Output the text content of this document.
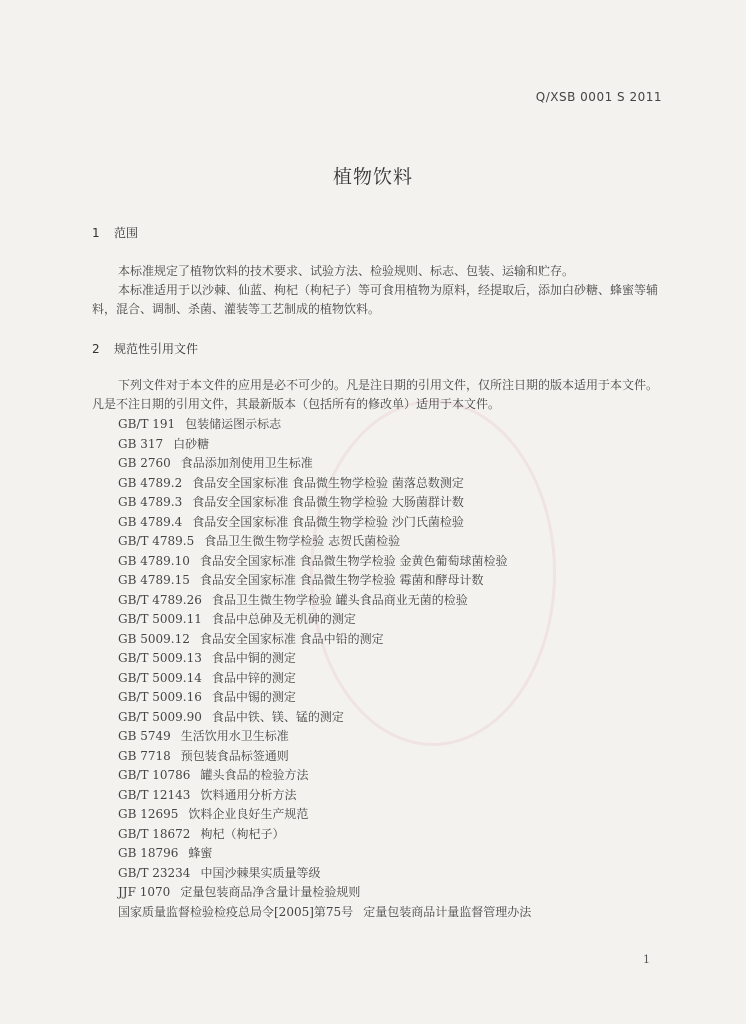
Q/XSB 0001 S 2011
植物饮料
1 范围
本标准规定了植物饮料的技术要求、试验方法、检验规则、标志、包装、运输和贮存。
本标准适用于以沙棘、仙蓝、枸杞（枸杞子）等可食用植物为原料，经提取后，添加白砂糖、蜂蜜等辅料，混合、调制、杀菌、灌装等工艺制成的植物饮料。
2 规范性引用文件
下列文件对于本文件的应用是必不可少的。凡是注日期的引用文件，仅所注日期的版本适用于本文件。凡是不注日期的引用文件，其最新版本（包括所有的修改单）适用于本文件。
GB/T 191 包装储运图示标志
GB 317 白砂糖
GB 2760 食品添加剂使用卫生标准
GB 4789.2 食品安全国家标准 食品微生物学检验 菌落总数测定
GB 4789.3 食品安全国家标准 食品微生物学检验 大肠菌群计数
GB 4789.4 食品安全国家标准 食品微生物学检验 沙门氏菌检验
GB/T 4789.5 食品卫生微生物学检验 志贺氏菌检验
GB 4789.10 食品安全国家标准 食品微生物学检验 金黄色葡萄球菌检验
GB 4789.15 食品安全国家标准 食品微生物学检验 霉菌和酵母计数
GB/T 4789.26 食品卫生微生物学检验 罐头食品商业无菌的检验
GB/T 5009.11 食品中总砷及无机砷的测定
GB 5009.12 食品安全国家标准 食品中铅的测定
GB/T 5009.13 食品中铜的测定
GB/T 5009.14 食品中锌的测定
GB/T 5009.16 食品中锡的测定
GB/T 5009.90 食品中铁、镁、锰的测定
GB 5749 生活饮用水卫生标准
GB 7718 预包装食品标签通则
GB/T 10786 罐头食品的检验方法
GB/T 12143 饮料通用分析方法
GB 12695 饮料企业良好生产规范
GB/T 18672 枸杞（枸杞子）
GB 18796 蜂蜜
GB/T 23234 中国沙棘果实质量等级
JJF 1070 定量包装商品净含量计量检验规则
国家质量监督检验检疫总局令[2005]第75号 定量包装商品计量监督管理办法
1
